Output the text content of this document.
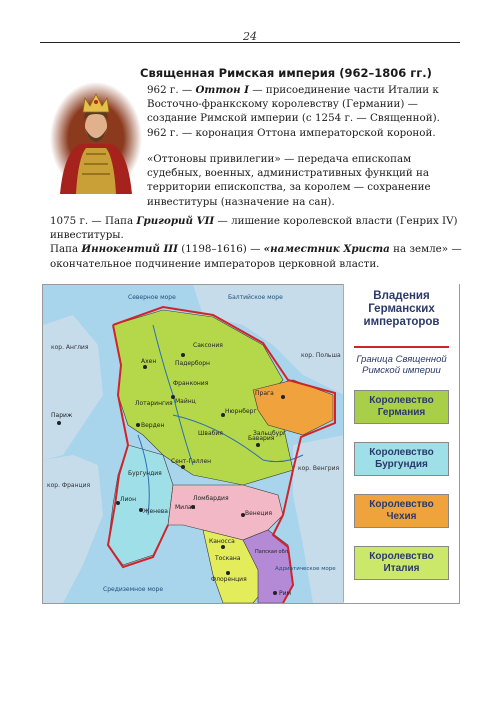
24
Священная Римская империя (962–1806 гг.)

962 г. — Оттон I — присоединение части Италии к Восточно-франкскому королевству (Германии) — создание Римской империи (с 1254 г. — Священной).

962 г. — коронация Оттона императорской короной.

«Оттоновы привилегии» — передача епископам судебных, военных, административных функций на территории епископства, за королем — сохранение инвеституры (назначение на сан).

1075 г. — Папа Григорий VII — лишение королевской власти (Генрих IV) инвеституры.

Папа Иннокентий III (1198–1616) — «наместник Христа на земле» — окончательное подчинение императоров церковной власти.

Северное море	Балтийское море
кор. Англия
кор. Франция
кор. Польша
кор. Венгрия
Адриатическое море
Средиземное море
Саксония
Франкония
Лотарингия
Швабия
Бавария
Бургундия
Ломбардия
Тоскана
Папская обл.
Париж
Ахен	Падерборн
Майнц
Нюрнберг
Прага
Верден
Лион
Женева
Милан
Венеция
Каносса
Флоренция
Рим
Зальцбург
Сент-Галлен
Владения Германских императоров
Граница Священной Римской империи
Королевство Германия
Королевство Бургундия
Королевство Чехия
Королевство Италия
